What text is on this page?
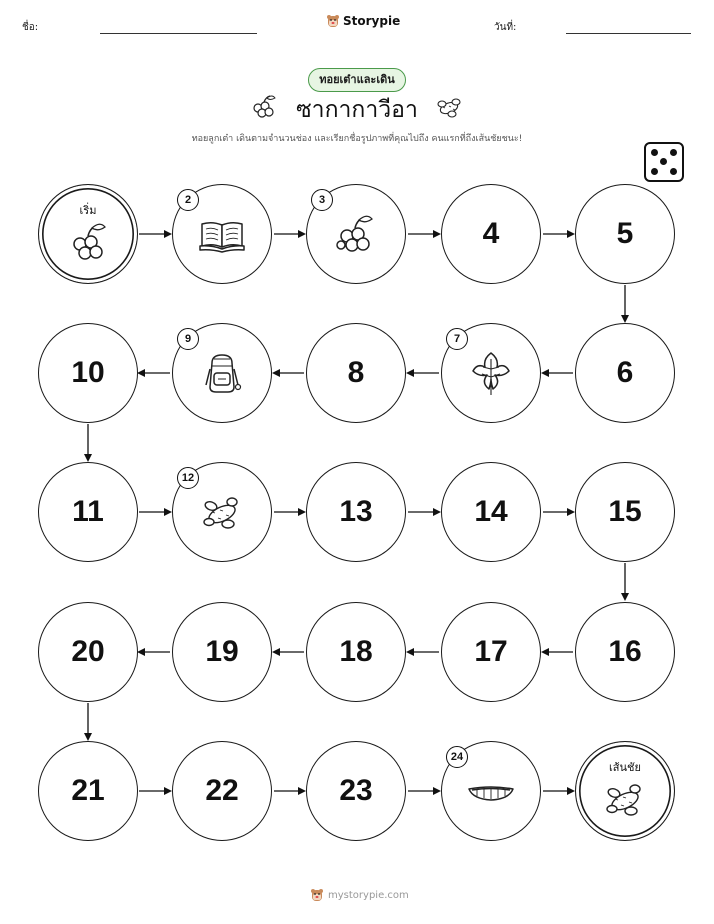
ชื่อ:	Storypie	วันที่:
ทอยเต๋าและเดิน
ซากากาวีอา
ทอยลูกเต๋า เดินตามจำนวนช่อง และเรียกชื่อรูปภาพที่คุณไปถึง คนแรกที่ถึงเส้นชัยชนะ!
เริ่ม
2	3
4	5
10
9
8
7
6
11
12
13	14	15
20	19	18	17	16
21	22	23
24
เส้นชัย
mystorypie.com
